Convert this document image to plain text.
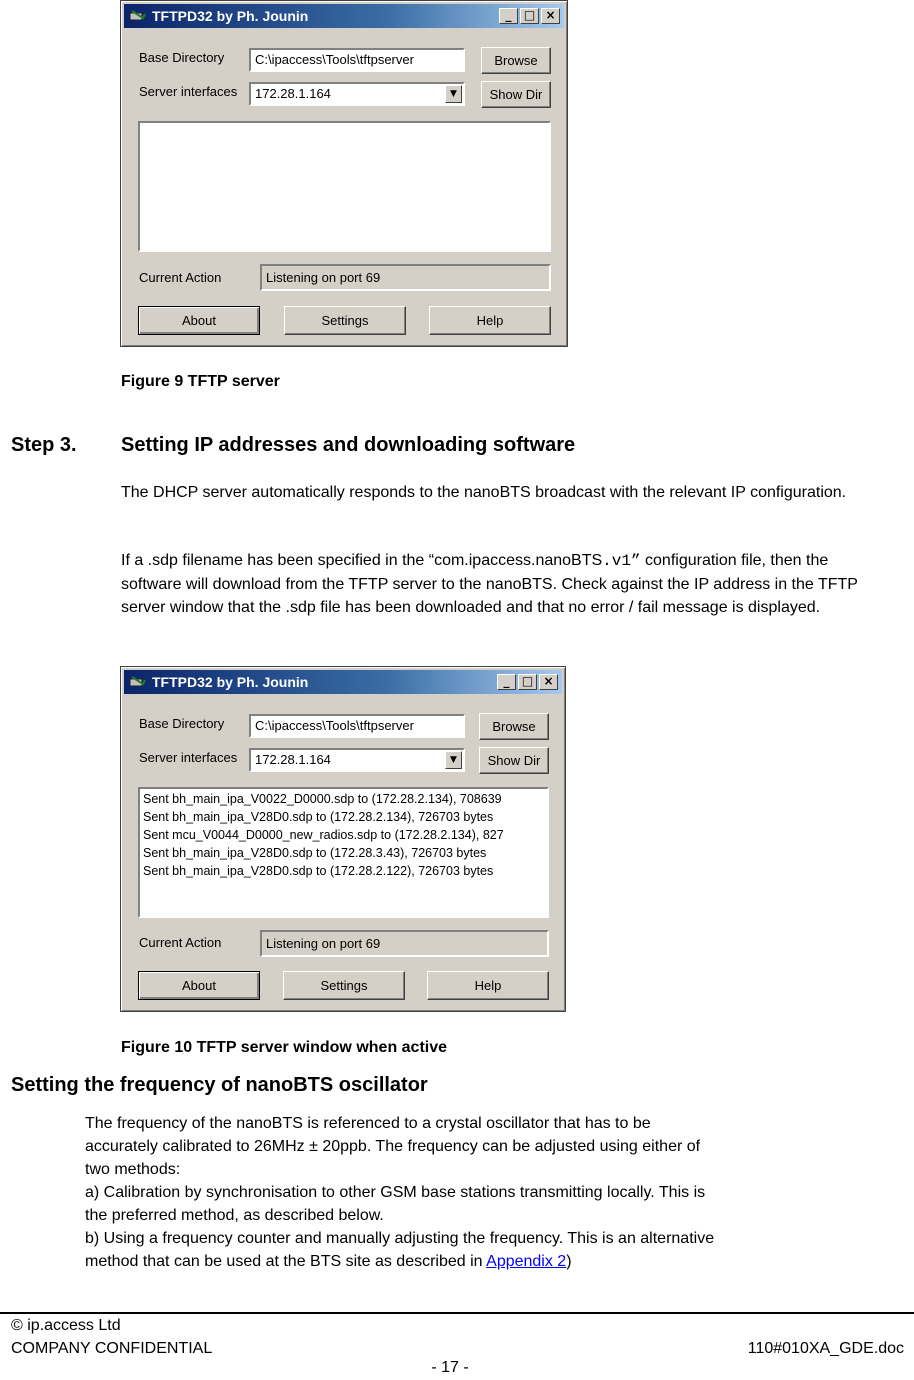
TFTPD32 by Ph. Jounin	_	□ ×
Base Directory	C:\ipaccess\Tools\tftpserver	Browse
Server interfaces	172.28.1.164	▼	Show Dir
Current Action	Listening on port 69
About	Settings	Help
Figure 9 TFTP server
Step 3. Setting IP addresses and downloading software
The DHCP server automatically responds to the nanoBTS broadcast with the relevant IP configuration.
If a .sdp filename has been specified in the “com.ipaccess.nanoBTS.v1” configuration file, then the software will download from the TFTP server to the nanoBTS. Check against the IP address in the TFTP server window that the .sdp file has been downloaded and that no error / fail message is displayed.
TFTPD32 by Ph. Jounin	_	□ ×
Base Directory	C:\ipaccess\Tools\tftpserver	Browse
Server interfaces	172.28.1.164	▼	Show Dir
Sent bh_main_ipa_V0022_D0000.sdp to (172.28.2.134), 708639
Sent bh_main_ipa_V28D0.sdp to (172.28.2.134), 726703 bytes
Sent mcu_V0044_D0000_new_radios.sdp to (172.28.2.134), 827
Sent bh_main_ipa_V28D0.sdp to (172.28.3.43), 726703 bytes
Sent bh_main_ipa_V28D0.sdp to (172.28.2.122), 726703 bytes
Current Action	Listening on port 69
About	Settings	Help
Figure 10 TFTP server window when active
Setting the frequency of nanoBTS oscillator
The frequency of the nanoBTS is referenced to a crystal oscillator that has to be
accurately calibrated to 26MHz ± 20ppb. The frequency can be adjusted using either of
two methods:
a) Calibration by synchronisation to other GSM base stations transmitting locally. This is
the preferred method, as described below.
b) Using a frequency counter and manually adjusting the frequency. This is an alternative
method that can be used at the BTS site as described in Appendix 2)
© ip.access Ltd
COMPANY CONFIDENTIAL	110#010XA_GDE.doc
- 17 -
